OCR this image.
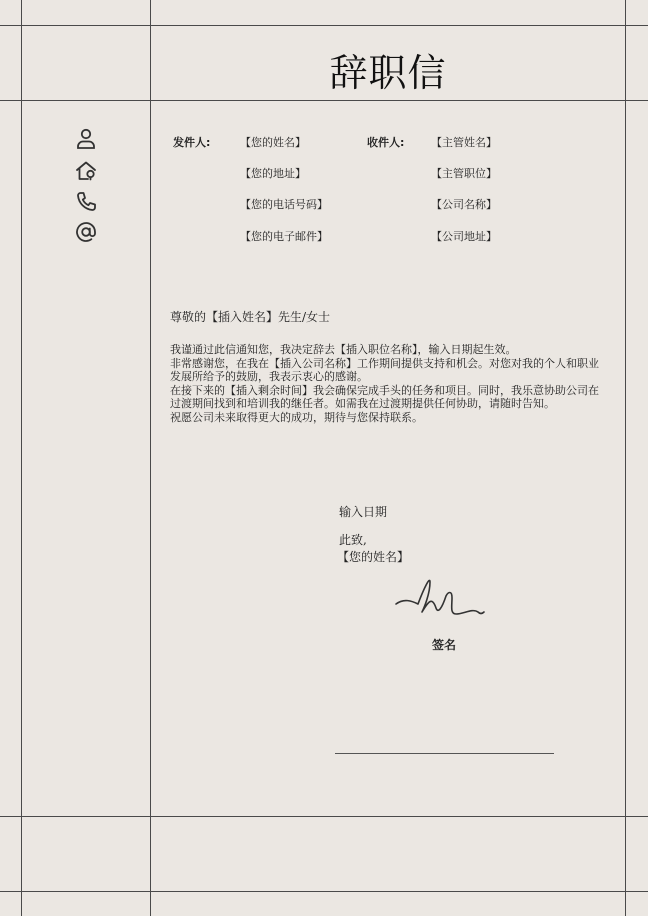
辞职信
发件人:	【您的姓名】
【您的地址】
【您的电话号码】
【您的电子邮件】
收件人: 【主管姓名】
【主管职位】
【公司名称】
【公司地址】
尊敬的【插入姓名】先生/女士

我谨通过此信通知您，我决定辞去【插入职位名称】，输入日期起生效。

非常感谢您，在我在【插入公司名称】工作期间提供支持和机会。对您对我的个人和职业发展所给予的鼓励，我表示衷心的感谢。

在接下来的【插入剩余时间】我会确保完成手头的任务和项目。同时，我乐意协助公司在过渡期间找到和培训我的继任者。如需我在过渡期提供任何协助，请随时告知。

祝愿公司未来取得更大的成功，期待与您保持联系。

输入日期
此致,
【您的姓名】
签名
